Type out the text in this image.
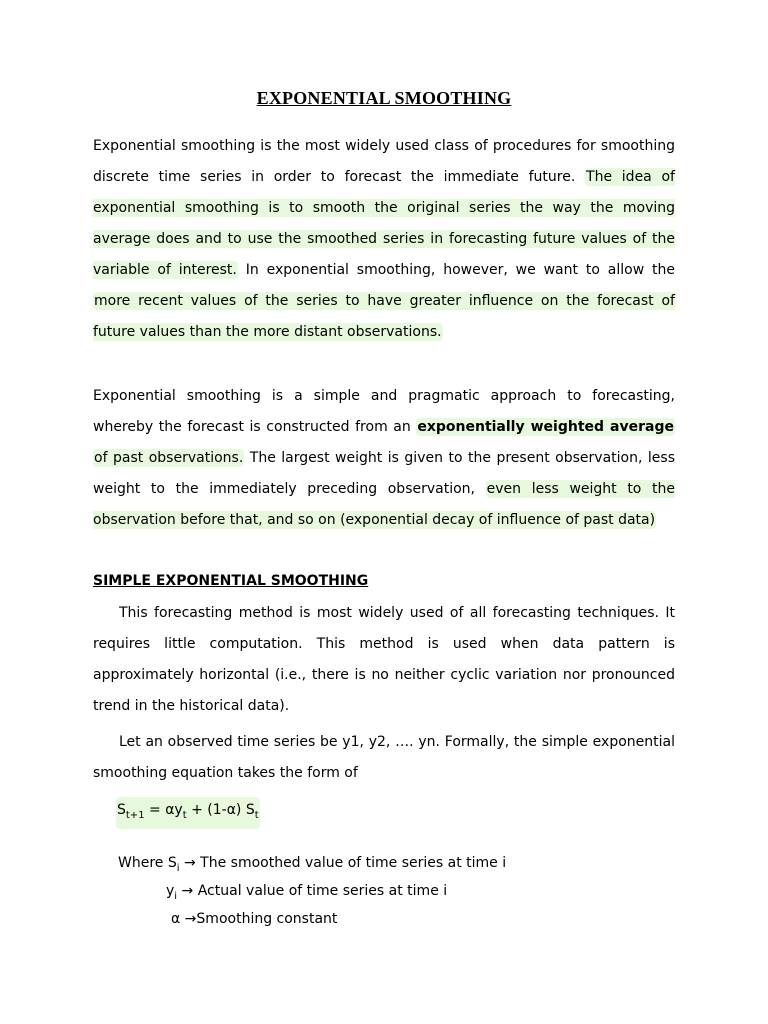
EXPONENTIAL SMOOTHING
Exponential smoothing is the most widely used class of procedures for smoothing discrete time series in order to forecast the immediate future. The idea of exponential smoothing is to smooth the original series the way the moving average does and to use the smoothed series in forecasting future values of the variable of interest. In exponential smoothing, however, we want to allow the more recent values of the series to have greater influence on the forecast of future values than the more distant observations.
Exponential smoothing is a simple and pragmatic approach to forecasting, whereby the forecast is constructed from an exponentially weighted average of past observations. The largest weight is given to the present observation, less weight to the immediately preceding observation, even less weight to the observation before that, and so on (exponential decay of influence of past data)
SIMPLE EXPONENTIAL SMOOTHING
This forecasting method is most widely used of all forecasting techniques. It requires little computation. This method is used when data pattern is approximately horizontal (i.e., there is no neither cyclic variation nor pronounced trend in the historical data).
Let an observed time series be y1, y2, …. yn. Formally, the simple exponential smoothing equation takes the form of
$S_{t+1} = \alpha y_t + (1-\alpha)$ $S_t$
Where $S_i$ → The smoothed value of time series at time i
$y_i$ → Actual value of time series at time i
α →Smoothing constant
